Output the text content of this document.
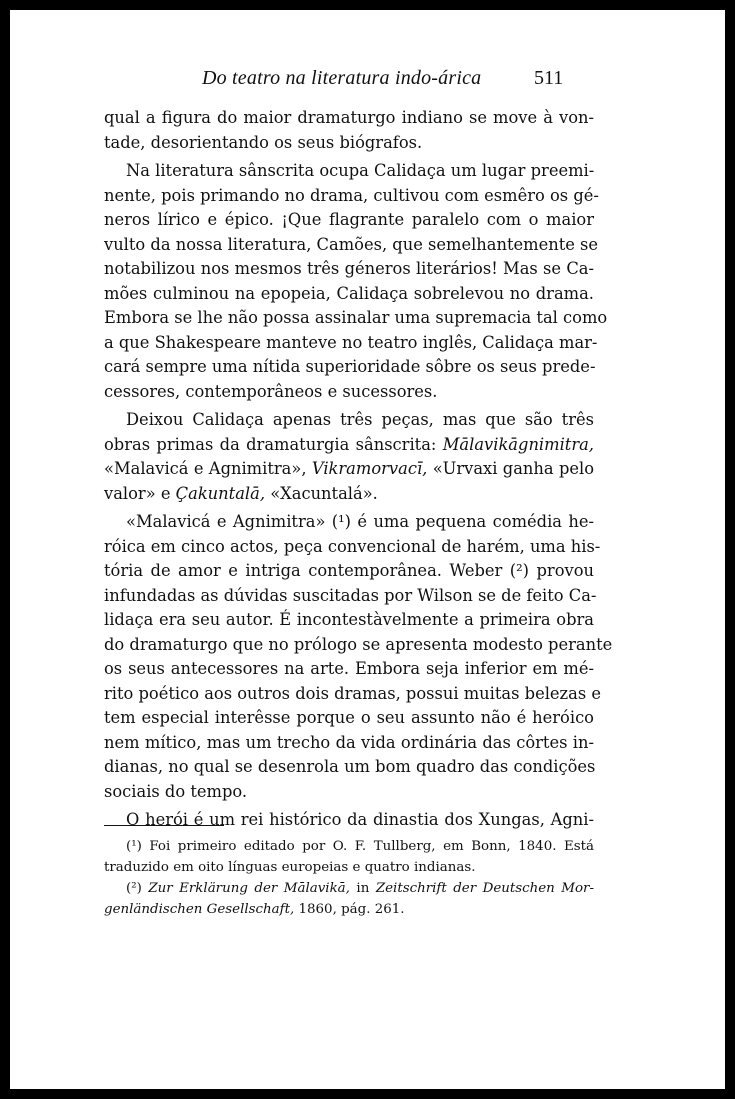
Do teatro na literatura indo-árica	511
qual a figura do maior dramaturgo indiano se move à von-
tade, desorientando os seus biógrafos.
Na literatura sânscrita ocupa Calidaça um lugar preemi-
nente, pois primando no drama, cultivou com esmêro os gé-
neros lírico e épico. ¡Que flagrante paralelo com o maior
vulto da nossa literatura, Camões, que semelhantemente se
notabilizou nos mesmos três géneros literários! Mas se Ca-
mões culminou na epopeia, Calidaça sobrelevou no drama.
Embora se lhe não possa assinalar uma supremacia tal como
a que Shakespeare manteve no teatro inglês, Calidaça mar-
cará sempre uma nítida superioridade sôbre os seus prede-
cessores, contemporâneos e sucessores.
Deixou Calidaça apenas três peças, mas que são três
obras primas da dramaturgia sânscrita: Mālavikāgnimitra,
«Malavicá e Agnimitra», Vikramorvacī, «Urvaxi ganha pelo
valor» e Çakuntalā, «Xacuntalá».
«Malavicá e Agnimitra» (¹) é uma pequena comédia he-
róica em cinco actos, peça convencional de harém, uma his-
tória de amor e intriga contemporânea. Weber (²) provou
infundadas as dúvidas suscitadas por Wilson se de feito Ca-
lidaça era seu autor. É incontestàvelmente a primeira obra
do dramaturgo que no prólogo se apresenta modesto perante
os seus antecessores na arte. Embora seja inferior em mé-
rito poético aos outros dois dramas, possui muitas belezas e
tem especial interêsse porque o seu assunto não é heróico
nem mítico, mas um trecho da vida ordinária das côrtes in-
dianas, no qual se desenrola um bom quadro das condições
sociais do tempo.
O herói é um rei histórico da dinastia dos Xungas, Agni-
(¹) Foi primeiro editado por O. F. Tullberg, em Bonn, 1840. Está
traduzido em oito línguas europeias e quatro indianas.
(²) Zur Erklärung der Mālavikā, in Zeitschrift der Deutschen Mor-
genländischen Gesellschaft, 1860, pág. 261.
